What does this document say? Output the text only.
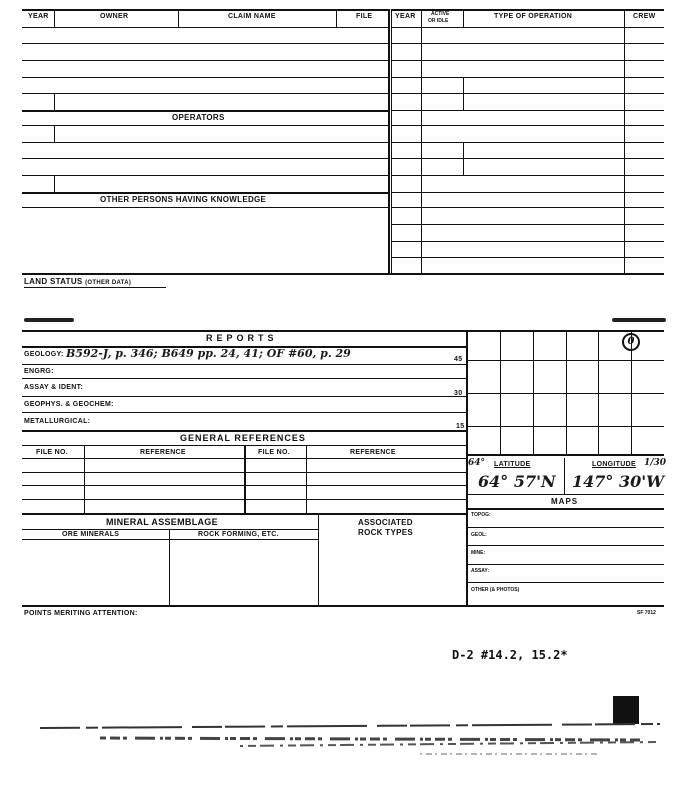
YEAR	OWNER	CLAIM NAME	FILE	YEAR	ACTIVE
OR IDLE
TYPE OF OPERATION	CREW
OPERATORS
OTHER PERSONS HAVING KNOWLEDGE
LAND STATUS (OTHER DATA)
REPORTS
GEOLOGY: B592-J, p. 346; B649 pp. 24, 41; OF #60, p. 29	45
ENGRG:
ASSAY & IDENT:
30
GEOPHYS. & GEOCHEM:
METALLURGICAL:
15
GENERAL REFERENCES
FILE NO.	REFERENCE	FILE NO.	REFERENCE
MINERAL ASSEMBLAGE	ASSOCIATED
ROCK TYPES
ORE MINERALS	ROCK FORMING, ETC.
0
64° LATITUDE	LONGITUDE 1/30
64° 57'N 147° 30'W
MAPS
TOPOG:
GEOL:
MINE:
ASSAY:
OTHER (& PHOTOS)
POINTS MERITING ATTENTION:	SF 7012
D-2 #14.2, 15.2*
